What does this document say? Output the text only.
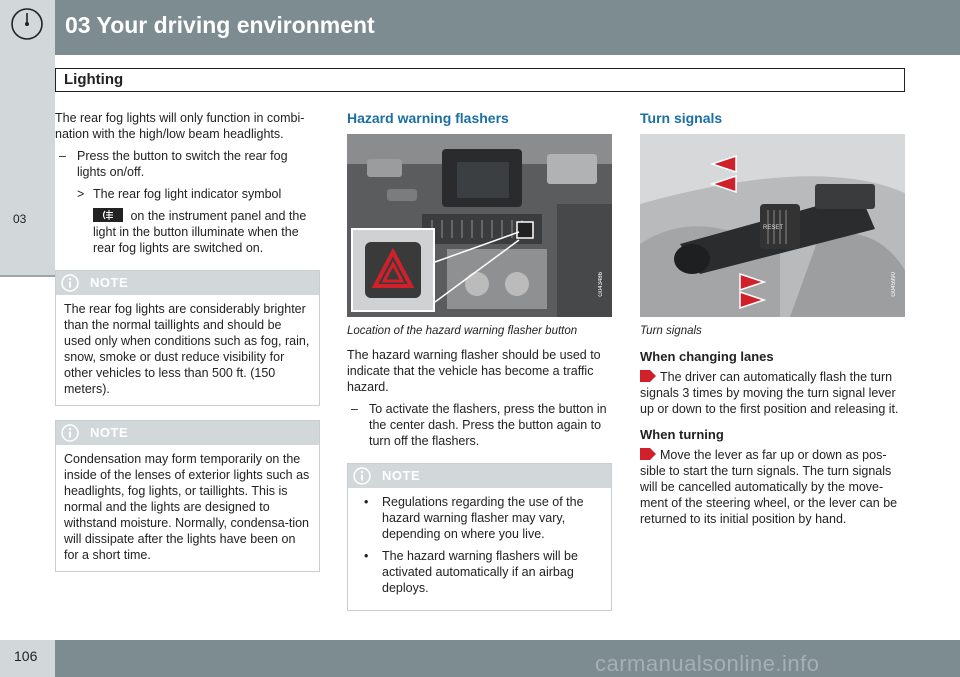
03 Your driving environment
03
Lighting

The rear fog lights will only function in combi-nation with the high/low beam headlights.

– Press the button to switch the rear fog lights on/off.
> The rear fog light indicator symbol
on the instrument panel and the light in the button illuminate when the rear fog lights are switched on.
NOTE
The rear fog lights are considerably brighter than the normal taillights and should be used only when conditions such as fog, rain, snow, smoke or dust reduce visibility for other vehicles to less than 500 ft. (150 meters).
NOTE
Condensation may form temporarily on the inside of the lenses of exterior lights such as headlights, fog lights, or taillights. This is normal and the lights are designed to withstand moisture. Normally, condensa-tion will dissipate after the lights have been on for a short time.
Hazard warning flashers
G043486

Location of the hazard warning flasher button

The hazard warning flasher should be used to indicate that the vehicle has become a traffic hazard.

– To activate the flashers, press the button in the center dash. Press the button again to turn off the flashers.
NOTE
• Regulations regarding the use of the hazard warning flasher may vary, depending on where you live.
• The hazard warning flashers will be activated automatically if an airbag deploys.
Turn signals
RESET
G045990

Turn signals

When changing lanes

The driver can automatically flash the turn signals 3 times by moving the turn signal lever up or down to the first position and releasing it.

When turning

Move the lever as far up or down as pos-sible to start the turn signals. The turn signals will be cancelled automatically by the move-ment of the steering wheel, or the lever can be returned to its initial position by hand.

106	carmanualsonline.info
